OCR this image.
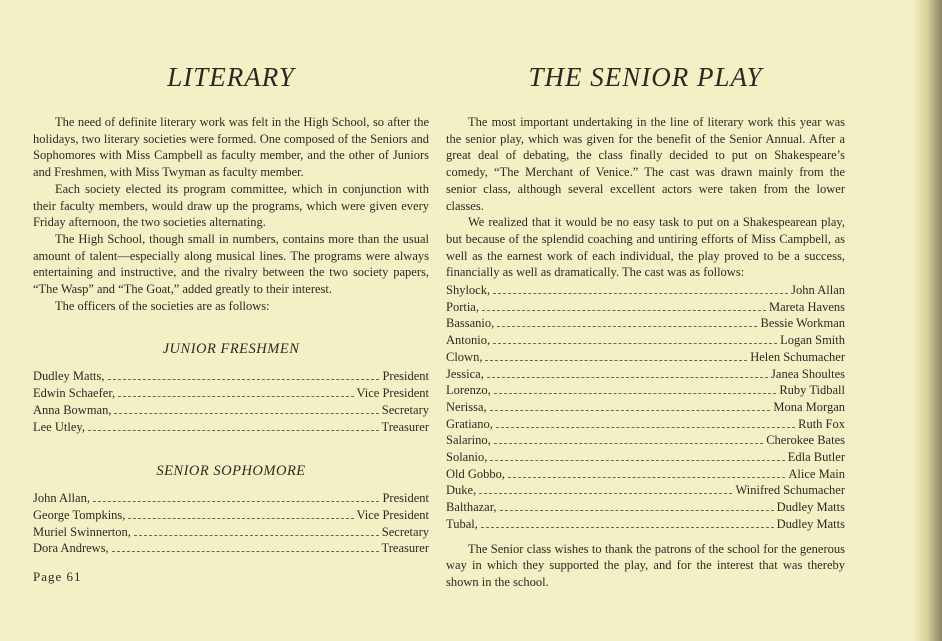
LITERARY

The need of definite literary work was felt in the High School, so after the holidays, two literary societies were formed. One composed of the Seniors and Sophomores with Miss Campbell as faculty member, and the other of Juniors and Freshmen, with Miss Twyman as faculty member.

Each society elected its program committee, which in conjunction with their faculty members, would draw up the programs, which were given every Friday afternoon, the two societies alternating.

The High School, though small in numbers, contains more than the usual amount of talent—especially along musical lines. The programs were always entertaining and instructive, and the rivalry between the two society papers, “The Wasp” and “The Goat,” added greatly to their interest.

The officers of the societies are as follows:

JUNIOR FRESHMEN
Dudley Matts,	President
Edwin Schaefer,	Vice President
Anna Bowman,	Secretary
Lee Utley,	Treasurer
SENIOR SOPHOMORE
John Allan,	President
George Tompkins,	Vice President
Muriel Swinnerton,	Secretary
Dora Andrews,	Treasurer
Page 61
THE SENIOR PLAY

The most important undertaking in the line of literary work this year was the senior play, which was given for the benefit of the Senior Annual. After a great deal of debating, the class finally decided to put on Shakespeare’s comedy, “The Merchant of Venice.” The cast was drawn mainly from the senior class, although several excellent actors were taken from the lower classes.

We realized that it would be no easy task to put on a Shakespearean play, but because of the splendid coaching and untiring efforts of Miss Campbell, as well as the earnest work of each individual, the play proved to be a success, financially as well as dramatically. The cast was as follows:

Shylock,	John Allan
Portia,	Mareta Havens
Bassanio,	Bessie Workman
Antonio,	Logan Smith
Clown,	Helen Schumacher
Jessica,	Janea Shoultes
Lorenzo,	Ruby Tidball
Nerissa,	Mona Morgan
Gratiano,	Ruth Fox
Salarino,	Cherokee Bates
Solanio,	Edla Butler
Old Gobbo,	Alice Main
Duke,	Winifred Schumacher
Balthazar,	Dudley Matts
Tubal,	Dudley Matts

The Senior class wishes to thank the patrons of the school for the generous way in which they supported the play, and for the interest that was thereby shown in the school.
